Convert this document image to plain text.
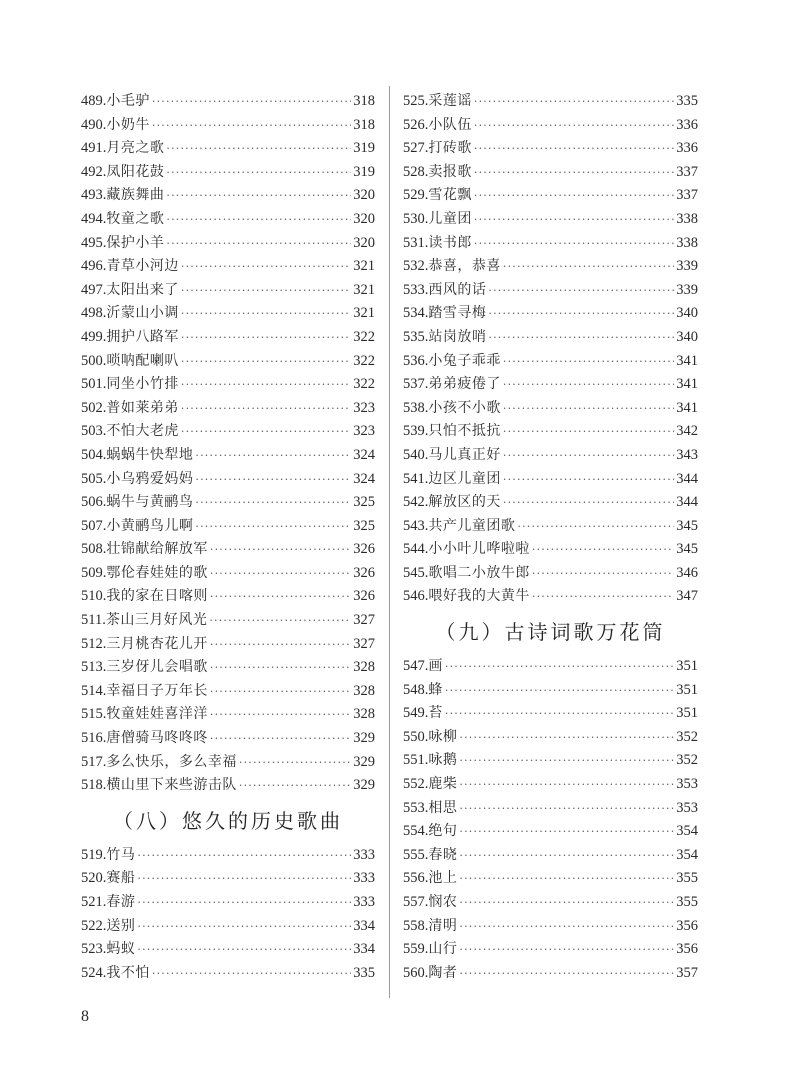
489. 小毛驴 ·····	318
490. 小奶牛 ·····	318
491. 月亮之歌 ·····	319
492. 凤阳花鼓 ·····	319
493. 藏族舞曲 ·····	320
494. 牧童之歌 ·····	320
495. 保护小羊 ·····	320
496. 青草小河边 ·····	321
497. 太阳出来了 ·····	321
498. 沂蒙山小调 ·····	321
499. 拥护八路军 ·····	322
500. 唢呐配喇叭 ·····	322
501. 同坐小竹排 ·····	322
502. 普如莱弟弟 ·····	323
503. 不怕大老虎 ·····	323
504. 蜗蜗牛快犁地 ·····	324
505. 小乌鸦爱妈妈 ·····	324
506. 蜗牛与黄鹂鸟 ·····	325
507. 小黄鹂鸟儿啊 ·····	325
508. 壮锦献给解放军 ·····	326
509. 鄂伦春娃娃的歌 ·····	326
510. 我的家在日喀则 ·····	326
511. 茶山三月好风光 ·····	327
512. 三月桃杏花儿开 ·····	327
513. 三岁伢儿会唱歌 ·····	328
514. 幸福日子万年长 ·····	328
515. 牧童娃娃喜洋洋 ·····	328
516. 唐僧骑马咚咚咚 ·····	329
517. 多么快乐，多么幸福 ·····	329
518. 横山里下来些游击队 ·····	329
（八）悠久的历史歌曲
519. 竹马 ·····	333
520. 赛船 ·····	333
521. 春游 ·····	333
522. 送别 ·····	334
523. 蚂蚁 ·····	334
524. 我不怕 ·····	335
525. 采莲谣 ·····	335
526. 小队伍 ·····	336
527. 打砖歌 ·····	336
528. 卖报歌 ·····	337
529. 雪花飘 ·····	337
530. 儿童团 ·····	338
531. 读书郎 ·····	338
532. 恭喜，恭喜 ·····	339
533. 西风的话 ·····	339
534. 踏雪寻梅 ·····	340
535. 站岗放哨 ·····	340
536. 小兔子乖乖 ·····	341
537. 弟弟疲倦了 ·····	341
538. 小孩不小歌 ·····	341
539. 只怕不抵抗 ·····	342
540. 马儿真正好 ·····	343
541. 边区儿童团 ·····	344
542. 解放区的天 ·····	344
543. 共产儿童团歌 ·····	345
544. 小小叶儿哗啦啦 ·····	345
545. 歌唱二小放牛郎 ·····	346
546. 喂好我的大黄牛 ·····	347
（九）古诗词歌万花筒
547. 画 ·····	351
548. 蜂 ·····	351
549. 苔 ·····	351
550. 咏柳 ·····	352
551. 咏鹅 ·····	352
552. 鹿柴 ·····	353
553. 相思 ·····	353
554. 绝句 ·····	354
555. 春晓 ·····	354
556. 池上 ·····	355
557. 悯农 ·····	355
558. 清明 ·····	356
559. 山行 ·····	356
560. 陶者 ·····	357
8
